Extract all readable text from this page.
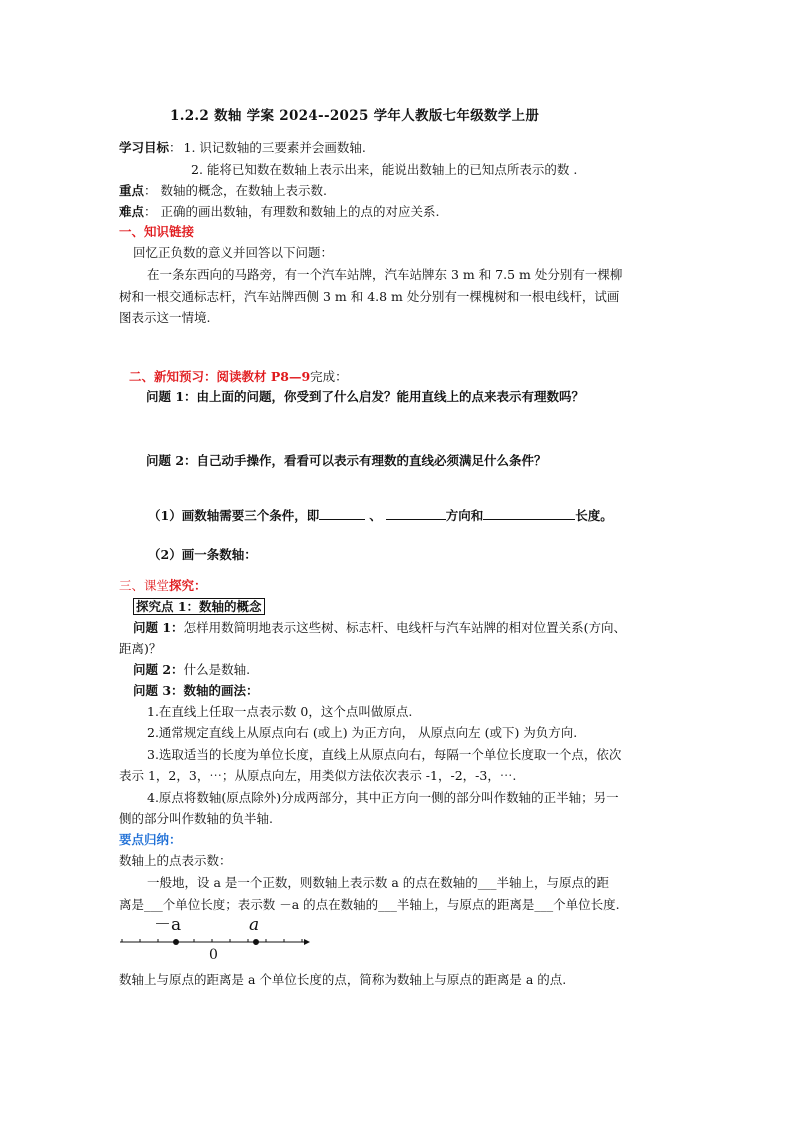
1.2.2 数轴 学案 2024--2025 学年人教版七年级数学上册
学习目标： 1. 识记数轴的三要素并会画数轴.
2. 能将已知数在数轴上表示出来，能说出数轴上的已知点所表示的数 .
重点： 数轴的概念，在数轴上表示数.
难点： 正确的画出数轴，有理数和数轴上的点的对应关系.
一、知识链接
回忆正负数的意义并回答以下问题：
在一条东西向的马路旁，有一个汽车站牌，汽车站牌东 3 m 和 7.5 m 处分别有一棵柳
树和一根交通标志杆，汽车站牌西侧 3 m 和 4.8 m 处分别有一棵槐树和一根电线杆，试画
图表示这一情境.
二、新知预习：阅读教材 P8—9完成：
问题 1：由上面的问题，你受到了什么启发？能用直线上的点来表示有理数吗？
问题 2：自己动手操作，看看可以表示有理数的直线必须满足什么条件？
（1）画数轴需要三个条件，即	、	方向和	长度。
（2）画一条数轴：
三、课堂探究：
探究点 1：数轴的概念
问题 1：怎样用数简明地表示这些树、标志杆、电线杆与汽车站牌的相对位置关系(方向、
距离)？
问题 2：什么是数轴.
问题 3：数轴的画法：
1.在直线上任取一点表示数 0，这个点叫做原点.
2.通常规定直线上从原点向右 (或上) 为正方向， 从原点向左 (或下) 为负方向.
3.选取适当的长度为单位长度，直线上从原点向右，每隔一个单位长度取一个点，依次
表示 1，2，3，⋯；从原点向左，用类似方法依次表示 -1，-2，-3，⋯.
4.原点将数轴(原点除外)分成两部分，其中正方向一侧的部分叫作数轴的正半轴；另一
侧的部分叫作数轴的负半轴.
要点归纳：
数轴上的点表示数：
一般地，设 a 是一个正数，则数轴上表示数 a 的点在数轴的___半轴上，与原点的距
离是___个单位长度；表示数 －a 的点在数轴的___半轴上，与原点的距离是___个单位长度.
－a	a
0
数轴上与原点的距离是 a 个单位长度的点，简称为数轴上与原点的距离是 a 的点.
